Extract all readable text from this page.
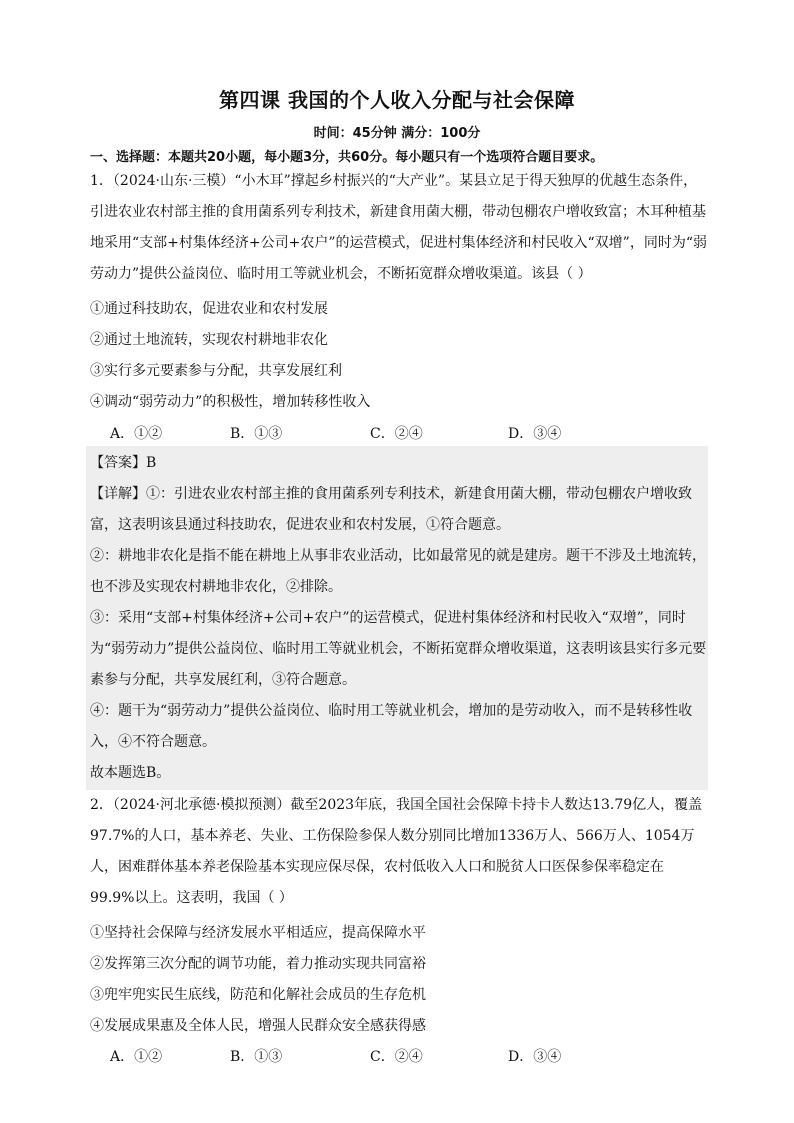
第四课 我国的个人收入分配与社会保障
时间：45分钟 满分：100分
一、选择题：本题共20小题，每小题3分，共60分。每小题只有一个选项符合题目要求。
1．（2024·山东·三模）“小木耳”撑起乡村振兴的“大产业”。某县立足于得天独厚的优越生态条件，引进农业农村部主推的食用菌系列专利技术，新建食用菌大棚，带动包棚农户增收致富；木耳种植基地采用“支部+村集体经济+公司+农户”的运营模式，促进村集体经济和村民收入“双增”，同时为“弱劳动力”提供公益岗位、临时用工等就业机会，不断拓宽群众增收渠道。该县（ ）
①通过科技助农，促进农业和农村发展
②通过土地流转，实现农村耕地非农化
③实行多元要素参与分配，共享发展红利
④调动“弱劳动力”的积极性，增加转移性收入
A．①②	B．①③	C．②④	D．③④
【答案】B
【详解】①：引进农业农村部主推的食用菌系列专利技术，新建食用菌大棚，带动包棚农户增收致富，这表明该县通过科技助农，促进农业和农村发展，①符合题意。
②：耕地非农化是指不能在耕地上从事非农业活动，比如最常见的就是建房。题干不涉及土地流转，也不涉及实现农村耕地非农化，②排除。
③：采用“支部+村集体经济+公司+农户”的运营模式，促进村集体经济和村民收入“双增”，同时为“弱劳动力”提供公益岗位、临时用工等就业机会，不断拓宽群众增收渠道，这表明该县实行多元要素参与分配，共享发展红利，③符合题意。
④：题干为“弱劳动力”提供公益岗位、临时用工等就业机会，增加的是劳动收入，而不是转移性收入，④不符合题意。
故本题选B。
2．（2024·河北承德·模拟预测）截至2023年底，我国全国社会保障卡持卡人数达13.79亿人，覆盖97.7%的人口，基本养老、失业、工伤保险参保人数分别同比增加1336万人、566万人、1054万人，困难群体基本养老保险基本实现应保尽保，农村低收入人口和脱贫人口医保参保率稳定在99.9%以上。这表明，我国（ ）
①坚持社会保障与经济发展水平相适应，提高保障水平
②发挥第三次分配的调节功能，着力推动实现共同富裕
③兜牢兜实民生底线，防范和化解社会成员的生存危机
④发展成果惠及全体人民，增强人民群众安全感获得感
A．①②	B．①③	C．②④	D．③④
